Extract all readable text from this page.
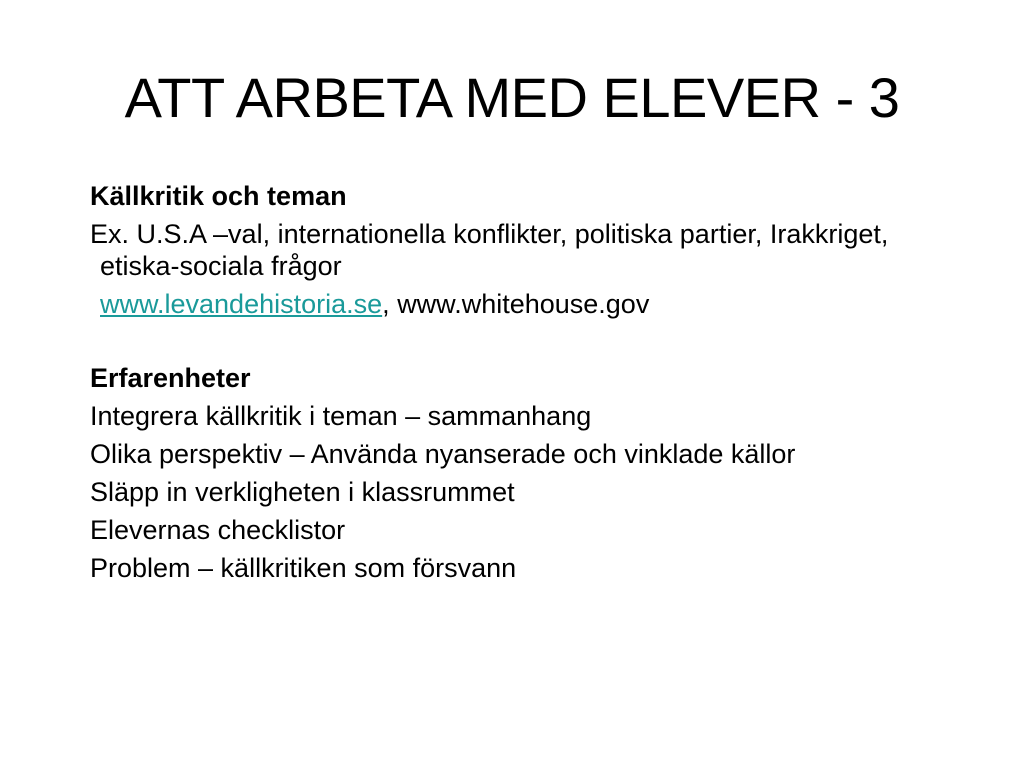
ATT ARBETA MED ELEVER - 3

Källkritik och teman

Ex. U.S.A –val, internationella konflikter, politiska partier, Irakkriget, etiska-sociala frågor

www.levandehistoria.se, www.whitehouse.gov

Erfarenheter

Integrera källkritik i teman – sammanhang

Olika perspektiv – Använda nyanserade och vinklade källor

Släpp in verkligheten i klassrummet

Elevernas checklistor

Problem – källkritiken som försvann
